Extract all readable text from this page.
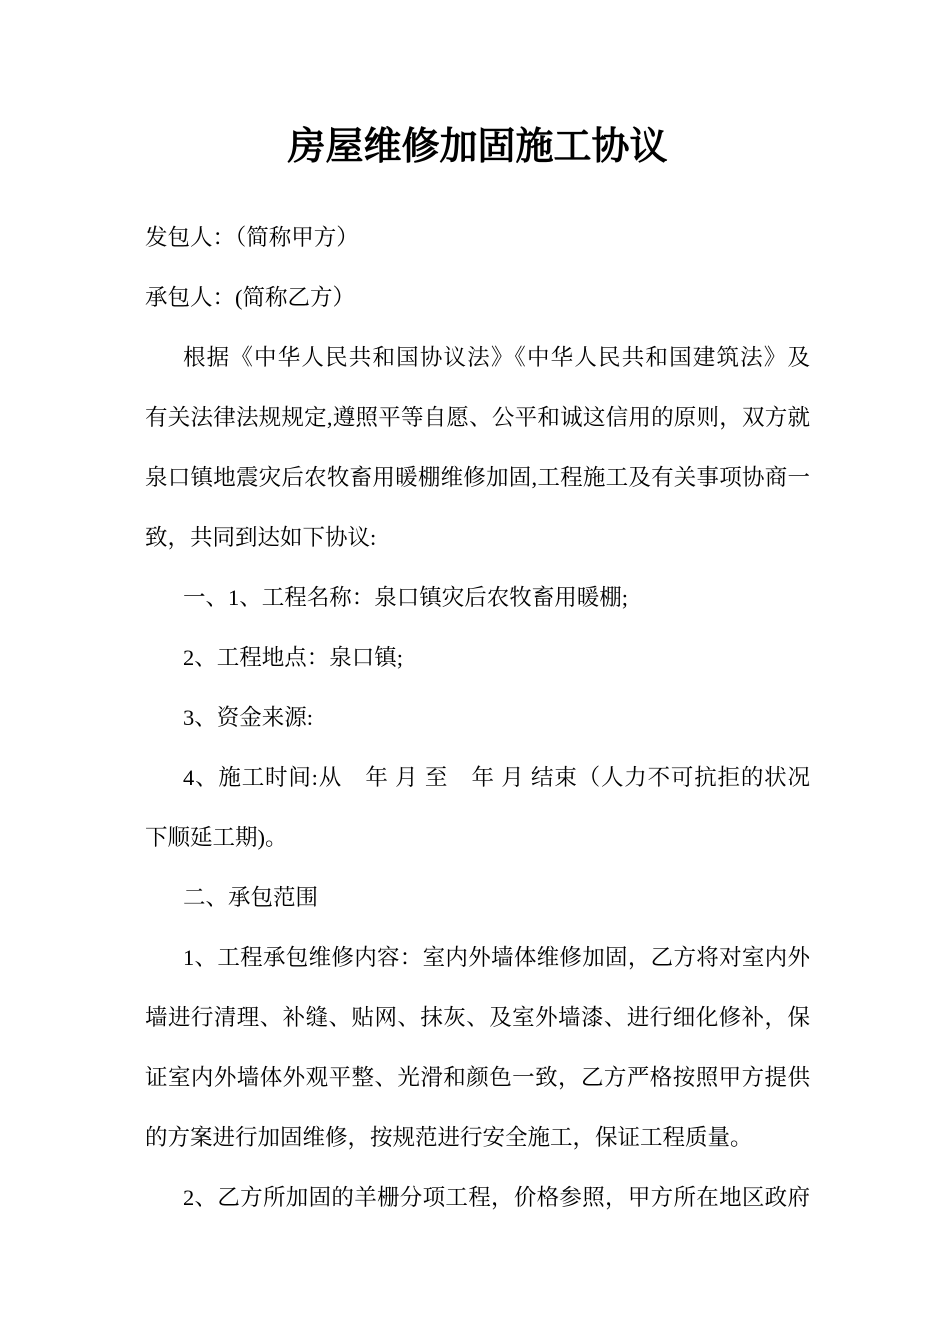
房屋维修加固施工协议
发包人：（简称甲方）
承包人：(简称乙方）
根据《中华人民共和国协议法》《中华人民共和国建筑法》及
有关法律法规规定,遵照平等自愿、公平和诚这信用的原则，双方就
泉口镇地震灾后农牧畜用暖棚维修加固,工程施工及有关事项协商一
致，共同到达如下协议:
一、1、工程名称：泉口镇灾后农牧畜用暖棚;
2、工程地点：泉口镇;
3、资金来源:
4、施工时间:从　年 月 至　年 月 结束（人力不可抗拒的状况
下顺延工期)。
二、承包范围
1、工程承包维修内容：室内外墙体维修加固，乙方将对室内外
墙进行清理、补缝、贴网、抹灰、及室外墙漆、进行细化修补，保
证室内外墙体外观平整、光滑和颜色一致，乙方严格按照甲方提供
的方案进行加固维修，按规范进行安全施工，保证工程质量。
2、乙方所加固的羊栅分项工程，价格参照，甲方所在地区政府
